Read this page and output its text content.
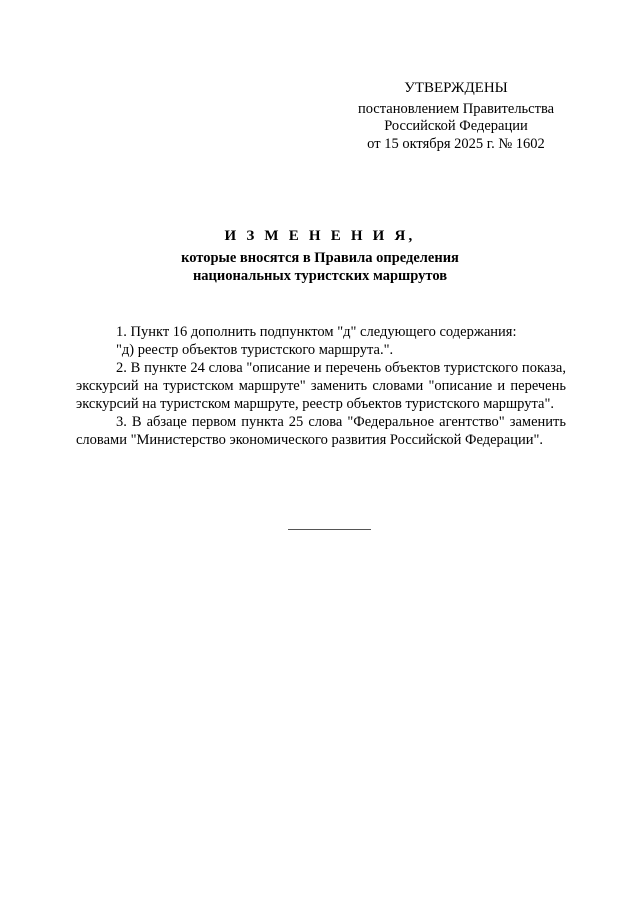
УТВЕРЖДЕНЫ
постановлением Правительства
Российской Федерации
от 15 октября 2025 г. № 1602
И З М Е Н Е Н И Я,
которые вносятся в Правила определения
национальных туристских маршрутов

1. Пункт 16 дополнить подпунктом "д" следующего содержания:

"д) реестр объектов туристского маршрута.".

2. В пункте 24 слова "описание и перечень объектов туристского показа, экскурсий на туристском маршруте" заменить словами "описание и перечень экскурсий на туристском маршруте, реестр объектов туристского маршрута".

3. В абзаце первом пункта 25 слова "Федеральное агентство" заменить словами "Министерство экономического развития Российской Федерации".
